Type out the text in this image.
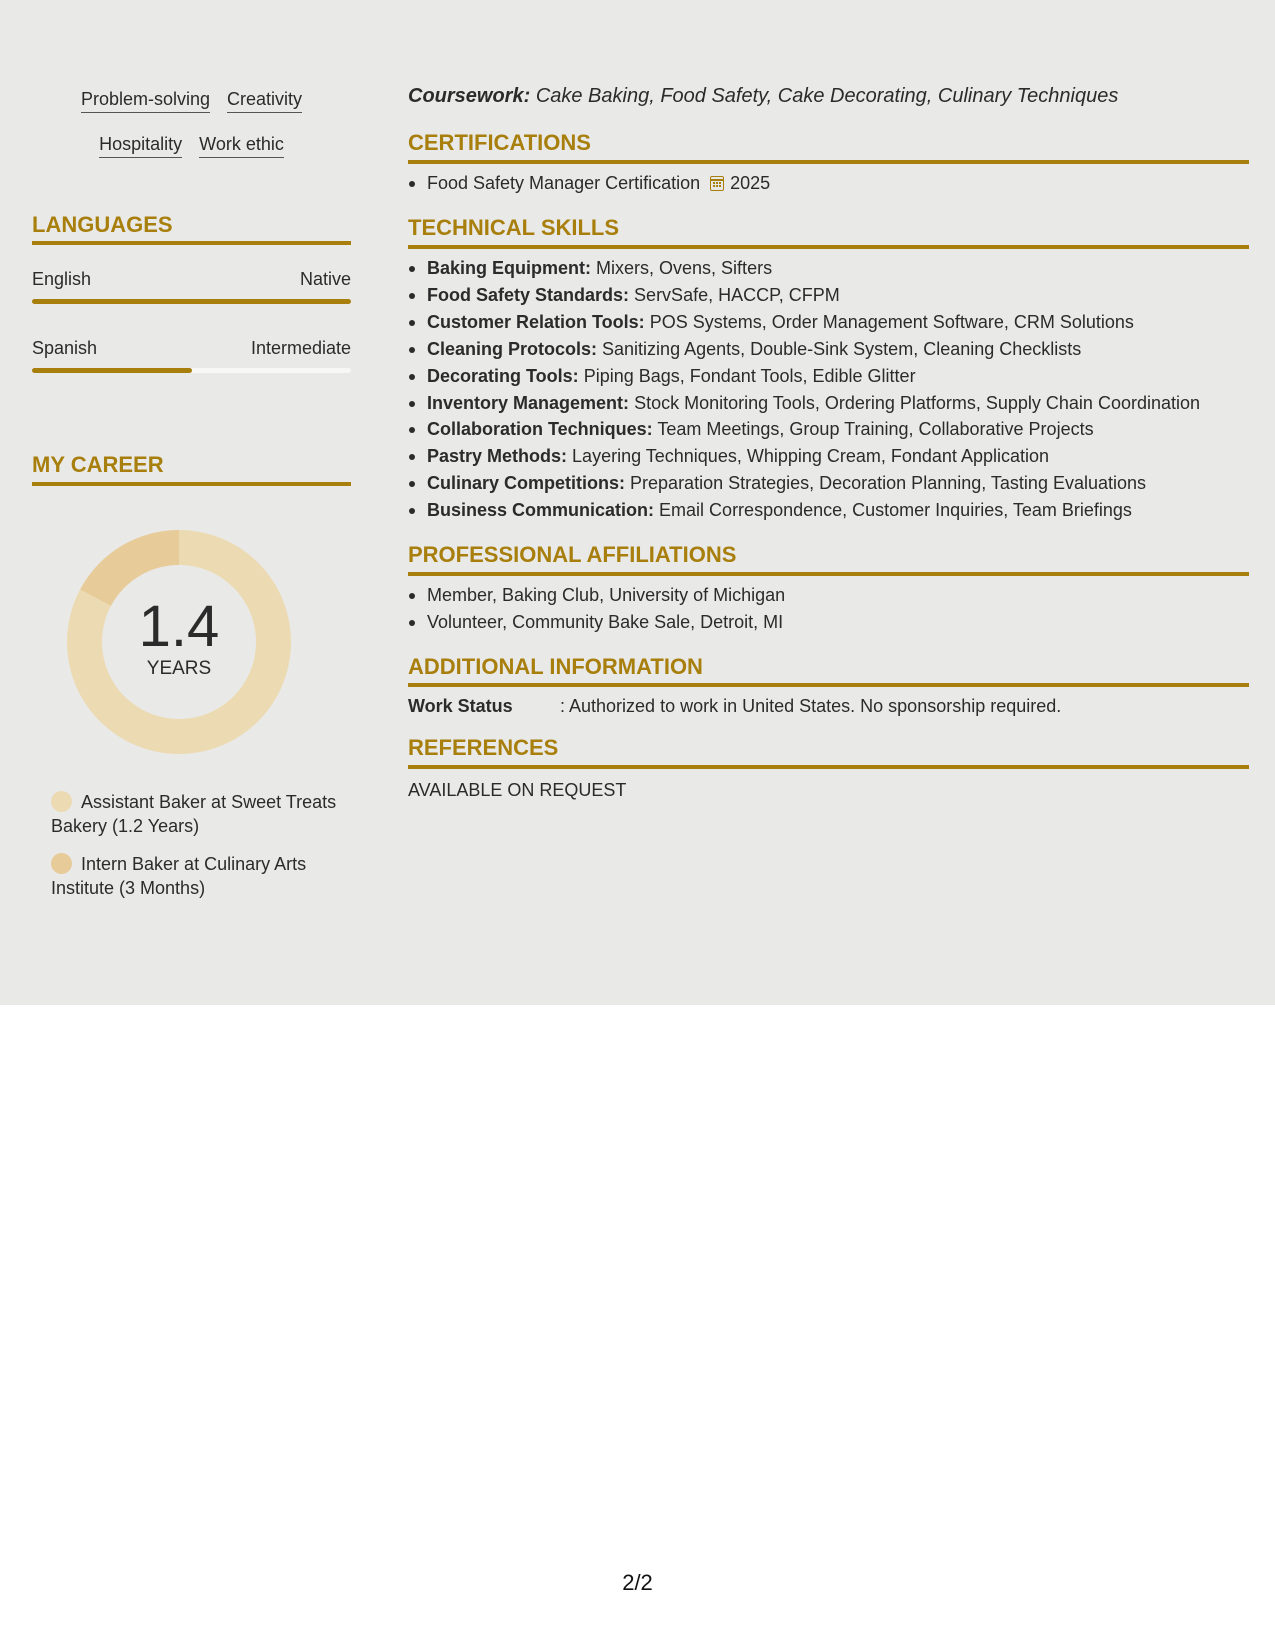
Problem-solving Creativity
Hospitality Work ethic
LANGUAGES
English	Native
Spanish	Intermediate
MY CAREER
1.4
YEARS
Assistant Baker at Sweet Treats Bakery (1.2 Years)
Intern Baker at Culinary Arts Institute (3 Months)
Coursework: Cake Baking, Food Safety, Cake Decorating, Culinary Techniques
CERTIFICATIONS
Food Safety Manager Certification 2025
TECHNICAL SKILLS
Baking Equipment: Mixers, Ovens, Sifters
Food Safety Standards: ServSafe, HACCP, CFPM
Customer Relation Tools: POS Systems, Order Management Software, CRM Solutions
Cleaning Protocols: Sanitizing Agents, Double-Sink System, Cleaning Checklists
Decorating Tools: Piping Bags, Fondant Tools, Edible Glitter
Inventory Management: Stock Monitoring Tools, Ordering Platforms, Supply Chain Coordination
Collaboration Techniques: Team Meetings, Group Training, Collaborative Projects
Pastry Methods: Layering Techniques, Whipping Cream, Fondant Application
Culinary Competitions: Preparation Strategies, Decoration Planning, Tasting Evaluations
Business Communication: Email Correspondence, Customer Inquiries, Team Briefings
PROFESSIONAL AFFILIATIONS
Member, Baking Club, University of Michigan
Volunteer, Community Bake Sale, Detroit, MI
ADDITIONAL INFORMATION
Work Status	: Authorized to work in United States. No sponsorship required.
REFERENCES
AVAILABLE ON REQUEST
2/2
